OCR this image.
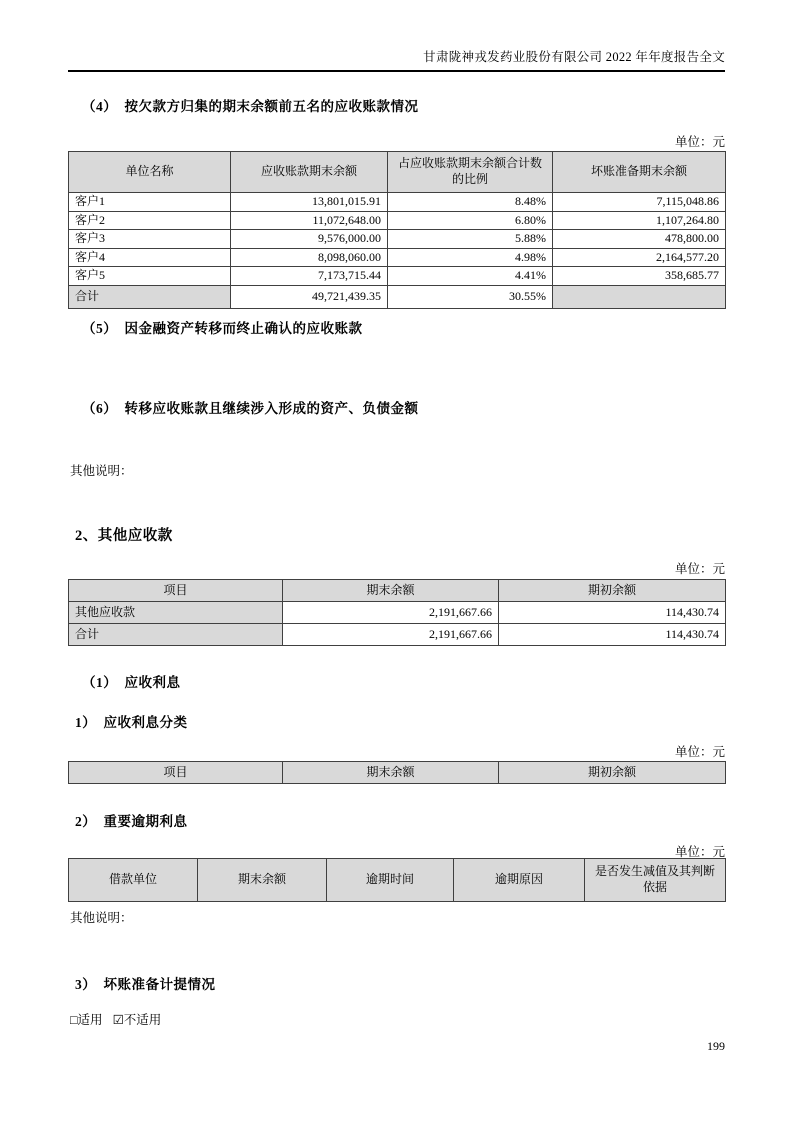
甘肃陇神戎发药业股份有限公司 2022 年年度报告全文
（4）　按欠款方归集的期末余额前五名的应收账款情况
单位：元
单位名称	应收账款期末余额	占应收账款期末余额合计数的比例	坏账准备期末余额
客户1	13,801,015.91	8.48%	7,115,048.86
客户2	11,072,648.00	6.80%	1,107,264.80
客户3	9,576,000.00	5.88%	478,800.00
客户4	8,098,060.00	4.98%	2,164,577.20
客户5	7,173,715.44	4.41%	358,685.77
合计	49,721,439.35	30.55%	
（5）　因金融资产转移而终止确认的应收账款
（6）　转移应收账款且继续涉入形成的资产、负债金额
其他说明：
2、其他应收款
单位：元
项目	期末余额	期初余额
其他应收款	2,191,667.66	114,430.74
合计	2,191,667.66	114,430.74
（1）　应收利息
1）　应收利息分类
单位：元
项目	期末余额	期初余额
2）　重要逾期利息
单位：元
借款单位	期末余额	逾期时间	逾期原因	是否发生减值及其判断依据
其他说明：
3）　坏账准备计提情况
□适用 ☑不适用
199
